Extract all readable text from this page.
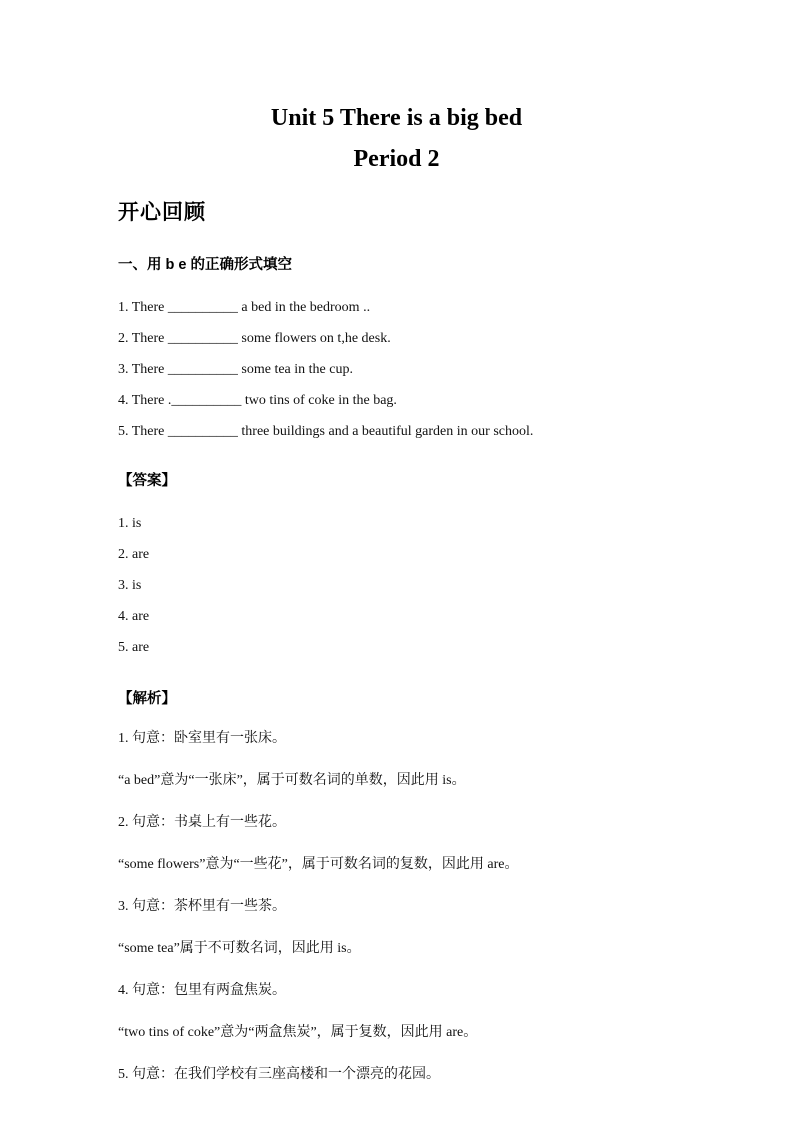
Unit 5 There is a big bed
Period 2
开心回顾
一、用 b e 的正确形式填空

1. There __________ a bed in the bedroom ..

2. There __________ some flowers on t,he desk.

3. There __________ some tea in the cup.

4. There .__________ two tins of coke in the bag.

5. There __________ three buildings and a beautiful garden in our school.

【答案】

1. is

2. are

3. is

4. are

5. are

【解析】

1. 句意：卧室里有一张床。

“a bed”意为“一张床”，属于可数名词的单数，因此用 is。

2. 句意：书桌上有一些花。

“some flowers”意为“一些花”，属于可数名词的复数，因此用 are。

3. 句意：茶杯里有一些茶。

“some tea”属于不可数名词，因此用 is。

4. 句意：包里有两盒焦炭。

“two tins of coke”意为“两盒焦炭”，属于复数，因此用 are。

5. 句意：在我们学校有三座高楼和一个漂亮的花园。
